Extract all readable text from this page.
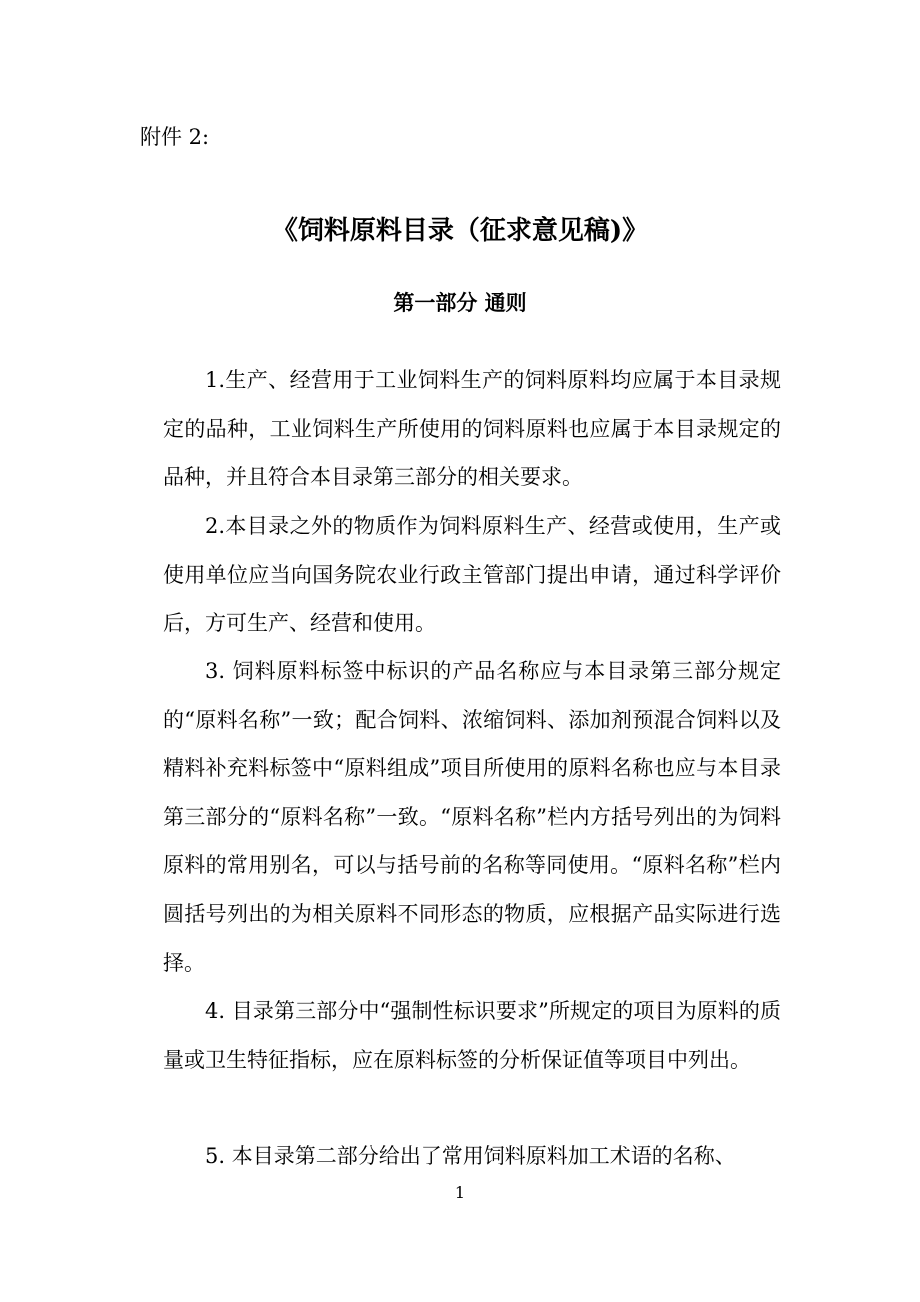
附件 2:

《饲料原料目录（征求意见稿)》
第一部分 通则

1.生产、经营用于工业饲料生产的饲料原料均应属于本目录规定的品种，工业饲料生产所使用的饲料原料也应属于本目录规定的品种，并且符合本目录第三部分的相关要求。

2.本目录之外的物质作为饲料原料生产、经营或使用，生产或使用单位应当向国务院农业行政主管部门提出申请，通过科学评价后，方可生产、经营和使用。

3. 饲料原料标签中标识的产品名称应与本目录第三部分规定的“原料名称”一致；配合饲料、浓缩饲料、添加剂预混合饲料以及精料补充料标签中“原料组成”项目所使用的原料名称也应与本目录第三部分的“原料名称”一致。“原料名称”栏内方括号列出的为饲料原料的常用别名，可以与括号前的名称等同使用。“原料名称”栏内圆括号列出的为相关原料不同形态的物质，应根据产品实际进行选择。

4. 目录第三部分中“强制性标识要求”所规定的项目为原料的质量或卫生特征指标，应在原料标签的分析保证值等项目中列出。

5. 本目录第二部分给出了常用饲料原料加工术语的名称、

1
